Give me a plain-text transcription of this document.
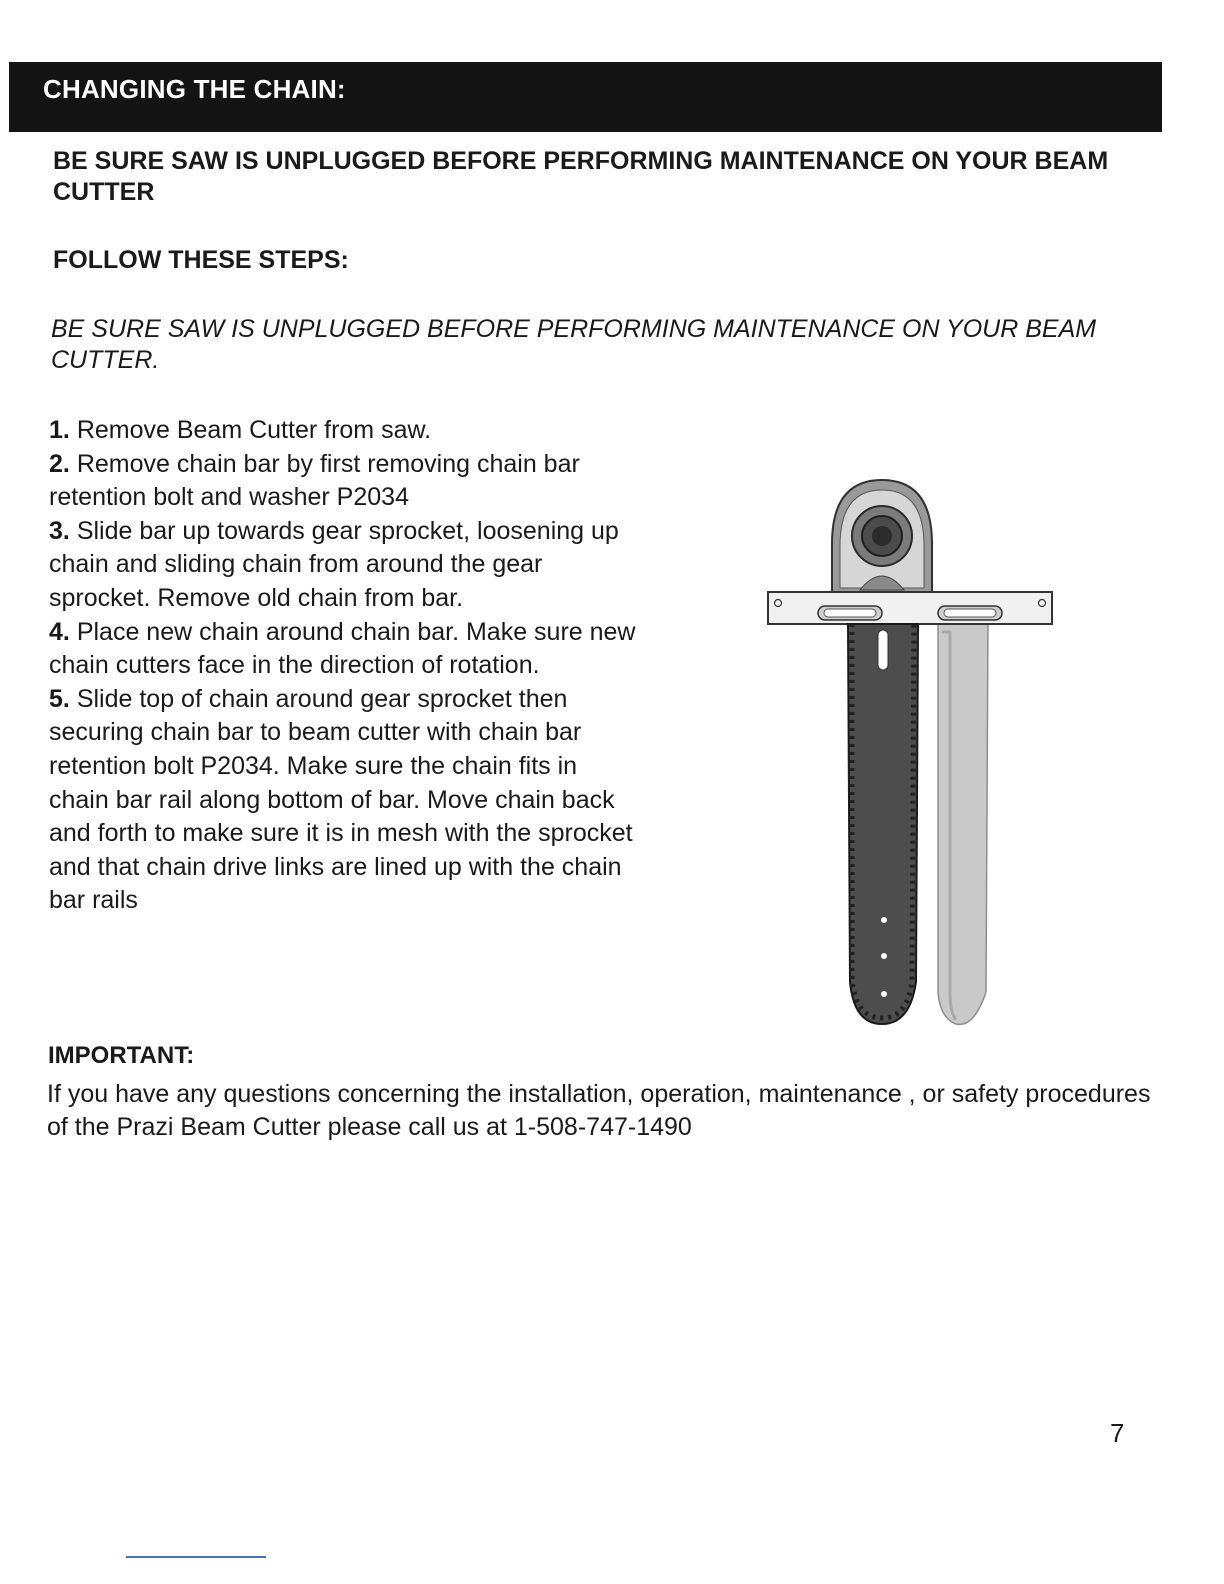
CHANGING THE CHAIN:
BE SURE SAW IS UNPLUGGED BEFORE PERFORMING MAINTENANCE ON YOUR BEAM CUTTER
FOLLOW THESE STEPS:
BE SURE SAW IS UNPLUGGED BEFORE PERFORMING MAINTENANCE ON YOUR BEAM CUTTER.
1. Remove Beam Cutter from saw.
2. Remove chain bar by first removing chain bar retention bolt and washer P2034
3. Slide bar up towards gear sprocket, loosening up chain and sliding chain from around the gear sprocket. Remove old chain from bar.
4. Place new chain around chain bar. Make sure new chain cutters face in the direction of rotation.
5. Slide top of chain around gear sprocket then securing chain bar to beam cutter with chain bar retention bolt P2034. Make sure the chain fits in chain bar rail along bottom of bar. Move chain back and forth to make sure it is in mesh with the sprocket and that chain drive links are lined up with the chain bar rails
IMPORTANT:
If you have any questions concerning the installation, operation, maintenance , or safety procedures of the Prazi Beam Cutter please call us at 1-508-747-1490
7
